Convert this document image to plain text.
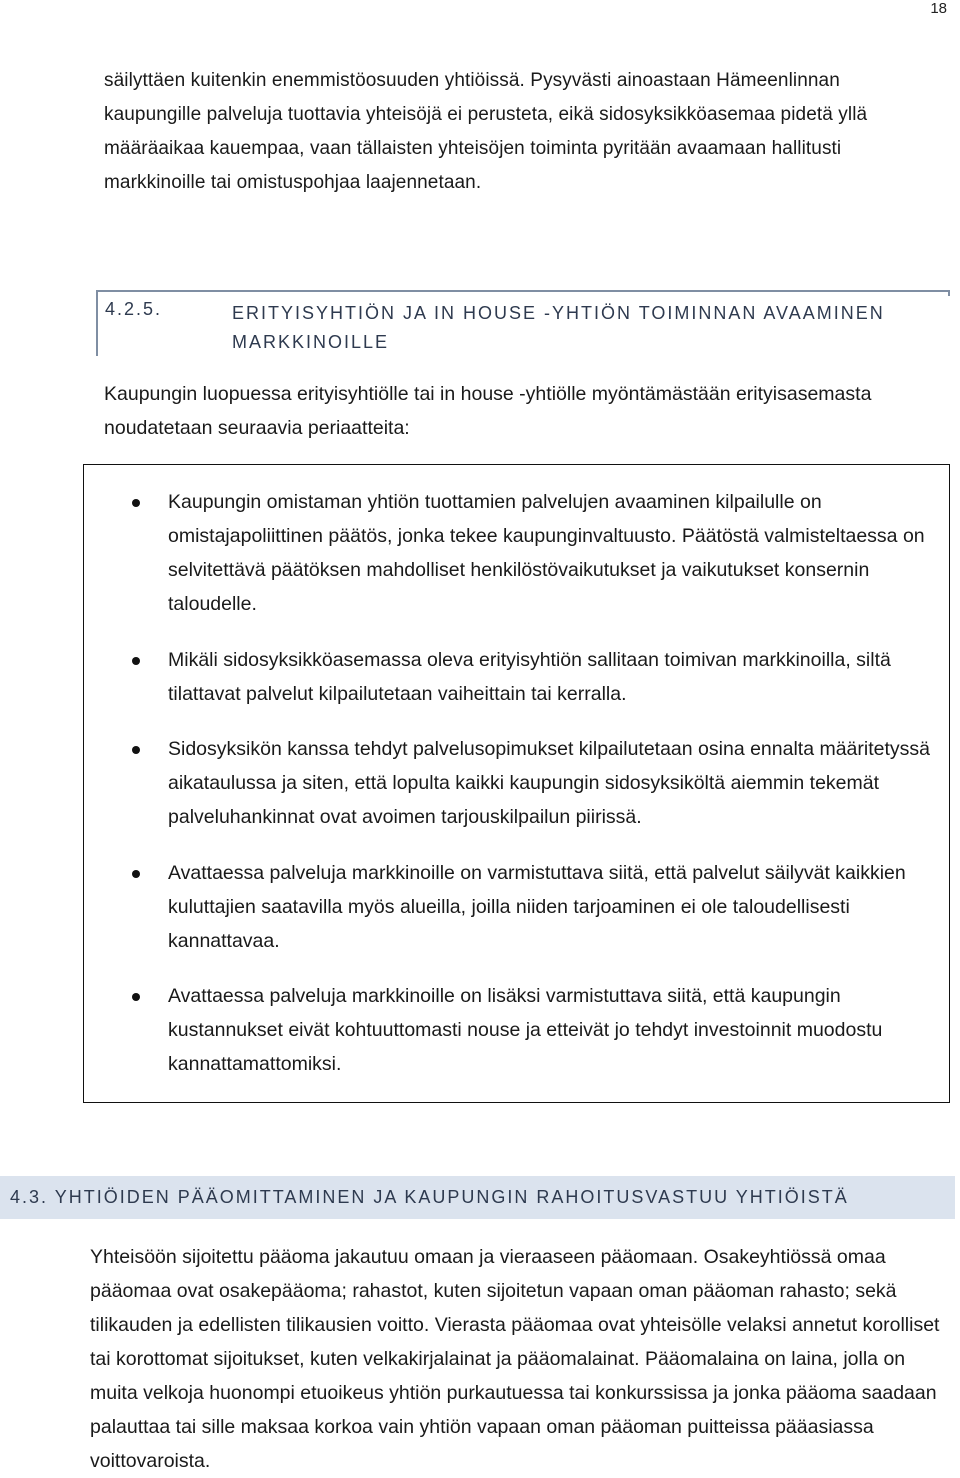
18

säilyttäen kuitenkin enemmistöosuuden yhtiöissä. Pysyvästi ainoastaan Hämeenlinnan kaupungille palveluja tuottavia yhteisöjä ei perusteta, eikä sidosyksikköasemaa pidetä yllä määräaikaa kauempaa, vaan tällaisten yhteisöjen toiminta pyritään avaamaan hallitusti markkinoille tai omistuspohjaa laajennetaan.

4.2.5.	ERITYISYHTIÖN JA IN HOUSE -YHTIÖN TOIMINNAN AVAAMINEN MARKKINOILLE

Kaupungin luopuessa erityisyhtiölle tai in house -yhtiölle myöntämästään erityisasemasta noudatetaan seuraavia periaatteita:

Kaupungin omistaman yhtiön tuottamien palvelujen avaaminen kilpailulle on omistajapoliittinen päätös, jonka tekee kaupunginvaltuusto. Päätöstä valmisteltaessa on selvitettävä päätöksen mahdolliset henkilöstövaikutukset ja vaikutukset konsernin taloudelle.
Mikäli sidosyksikköasemassa oleva erityisyhtiön sallitaan toimivan markkinoilla, siltä tilattavat palvelut kilpailutetaan vaiheittain tai kerralla.
Sidosyksikön kanssa tehdyt palvelusopimukset kilpailutetaan osina ennalta määritetyssä aikataulussa ja siten, että lopulta kaikki kaupungin sidosyksiköltä aiemmin tekemät palveluhankinnat ovat avoimen tarjouskilpailun piirissä.
Avattaessa palveluja markkinoille on varmistuttava siitä, että palvelut säilyvät kaikkien kuluttajien saatavilla myös alueilla, joilla niiden tarjoaminen ei ole taloudellisesti kannattavaa.
Avattaessa palveluja markkinoille on lisäksi varmistuttava siitä, että kaupungin kustannukset eivät kohtuuttomasti nouse ja etteivät jo tehdyt investoinnit muodostu kannattamattomiksi.
4.3. YHTIÖIDEN PÄÄOMITTAMINEN JA KAUPUNGIN RAHOITUSVASTUU YHTIÖISTÄ

Yhteisöön sijoitettu pääoma jakautuu omaan ja vieraaseen pääomaan. Osakeyhtiössä omaa pääomaa ovat osakepääoma; rahastot, kuten sijoitetun vapaan oman pääoman rahasto; sekä tilikauden ja edellisten tilikausien voitto. Vierasta pääomaa ovat yhteisölle velaksi annetut korolliset tai korottomat sijoitukset, kuten velkakirjalainat ja pääomalainat. Pääomalaina on laina, jolla on muita velkoja huonompi etuoikeus yhtiön purkautuessa tai konkurssissa ja jonka pääoma saadaan palauttaa tai sille maksaa korkoa vain yhtiön vapaan oman pääoman puitteissa pääasiassa voittovaroista.
